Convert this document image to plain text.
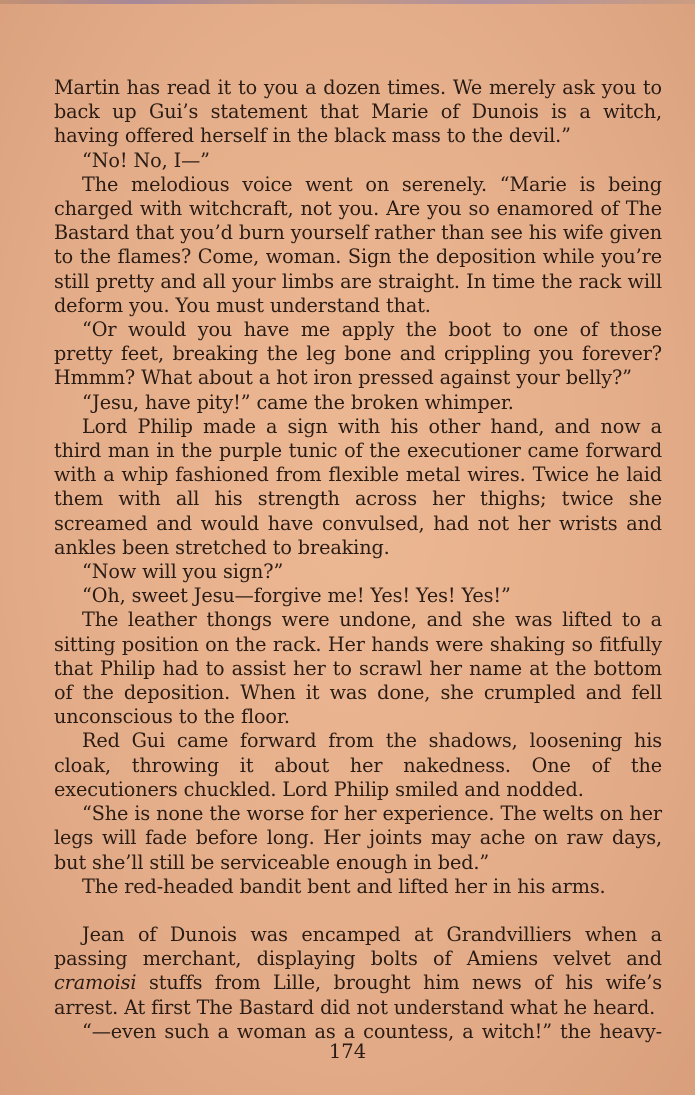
Martin has read it to you a dozen times. We merely ask you to back up Gui’s statement that Marie of Dunois is a witch, having offered herself in the black mass to the devil.”

“No! No, I—”

The melodious voice went on serenely. “Marie is being charged with witchcraft, not you. Are you so enamored of The Bastard that you’d burn yourself rather than see his wife given to the flames? Come, woman. Sign the deposition while you’re still pretty and all your limbs are straight. In time the rack will deform you. You must understand that.

“Or would you have me apply the boot to one of those pretty feet, breaking the leg bone and crippling you forever? Hmmm? What about a hot iron pressed against your belly?”

“Jesu, have pity!” came the broken whimper.

Lord Philip made a sign with his other hand, and now a third man in the purple tunic of the executioner came forward with a whip fashioned from flexible metal wires. Twice he laid them with all his strength across her thighs; twice she screamed and would have convulsed, had not her wrists and ankles been stretched to breaking.

“Now will you sign?”

“Oh, sweet Jesu—forgive me! Yes! Yes! Yes!”

The leather thongs were undone, and she was lifted to a sitting position on the rack. Her hands were shaking so fitfully that Philip had to assist her to scrawl her name at the bottom of the deposition. When it was done, she crumpled and fell unconscious to the floor.

Red Gui came forward from the shadows, loosening his cloak, throwing it about her nakedness. One of the executioners chuckled. Lord Philip smiled and nodded.

“She is none the worse for her experience. The welts on her legs will fade before long. Her joints may ache on raw days, but she’ll still be serviceable enough in bed.”

The red-headed bandit bent and lifted her in his arms.

Jean of Dunois was encamped at Grandvilliers when a passing merchant, displaying bolts of Amiens velvet and cramoisi stuffs from Lille, brought him news of his wife’s arrest. At first The Bastard did not understand what he heard.

“—even such a woman as a countess, a witch!” the heavy-

174
